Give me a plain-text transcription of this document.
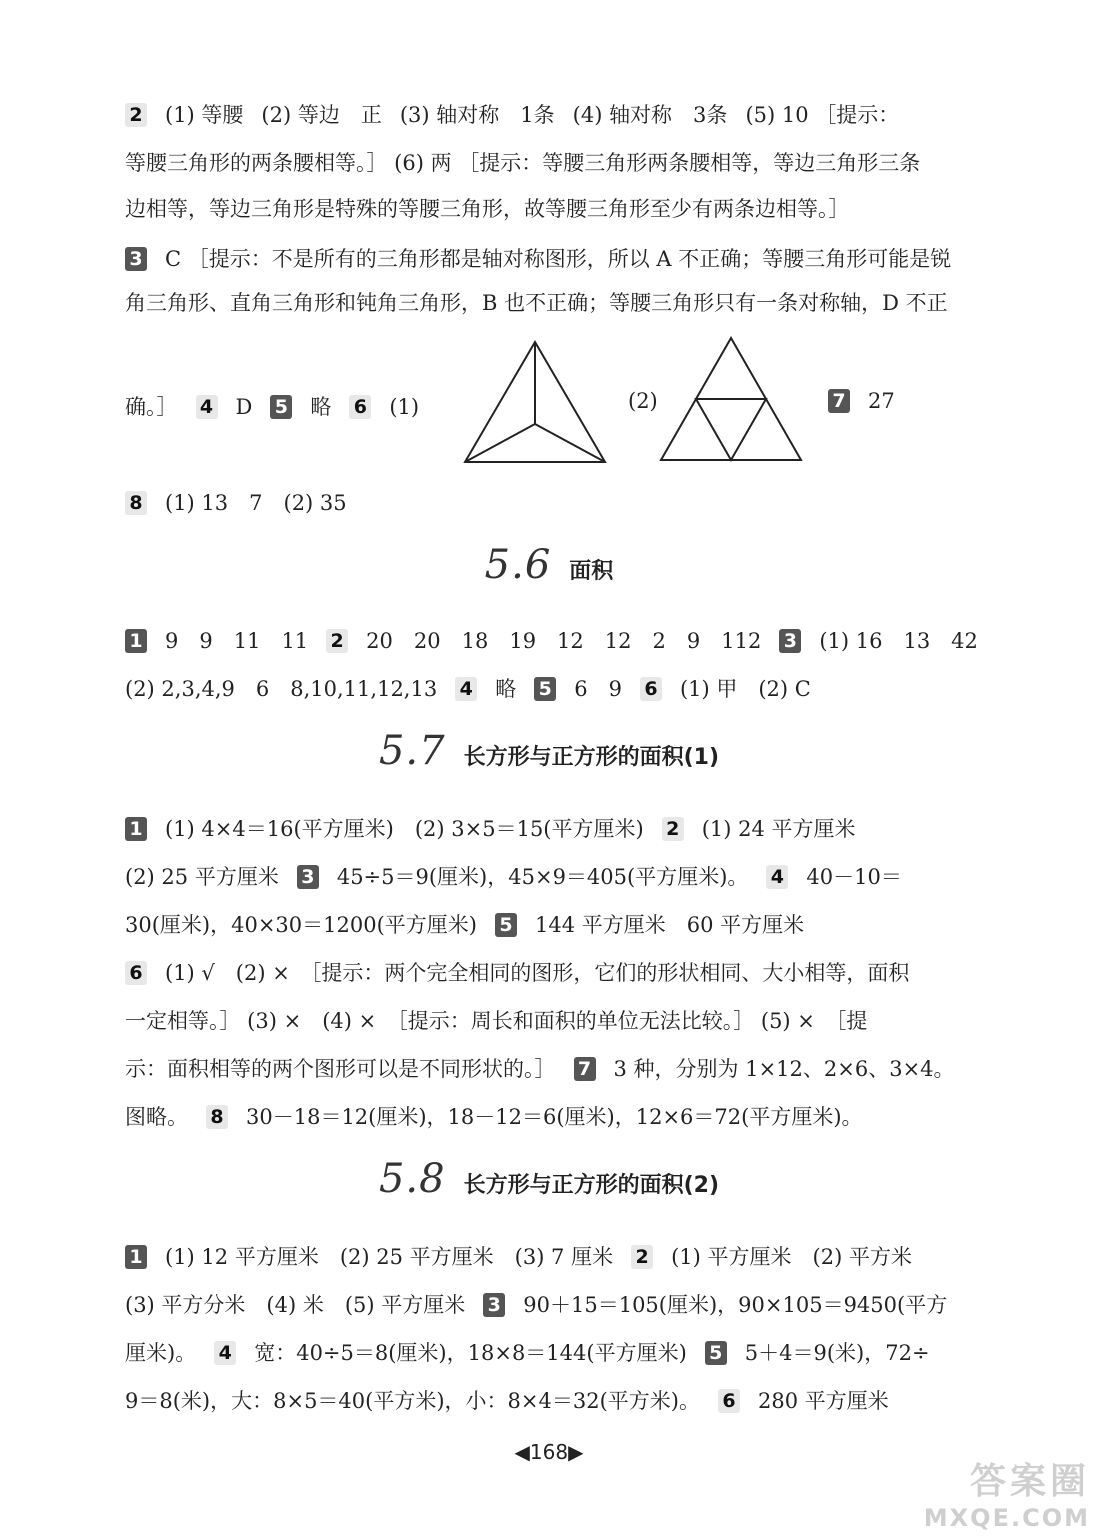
2 (1) 等腰 (2) 等边　正 (3) 轴对称　1条 (4) 轴对称　3条 (5) 10 ［提示：
等腰三角形的两条腰相等。］ (6) 两 ［提示：等腰三角形两条腰相等，等边三角形三条
边相等，等边三角形是特殊的等腰三角形，故等腰三角形至少有两条边相等。］
3 C ［提示：不是所有的三角形都是轴对称图形，所以 A 不正确；等腰三角形可能是锐
角三角形、直角三角形和钝角三角形，B 也不正确；等腰三角形只有一条对称轴，D 不正
确。］ 4 D 5 略 6 (1)	(2)	7 27
8 (1) 13　7　(2) 35
5.6 面积
1 9　9　11　11 2 20　20　18　19　12　12　2　9　112 3 (1) 16　13　42
(2) 2,3,4,9　6　8,10,11,12,13 4 略 5 6　9 6 (1) 甲　(2) C
5.7 长方形与正方形的面积(1)
1 (1) 4×4＝16(平方厘米)　(2) 3×5＝15(平方厘米) 2 (1) 24 平方厘米
(2) 25 平方厘米 3 45÷5＝9(厘米)，45×9＝405(平方厘米)。 4 40－10＝
30(厘米)，40×30＝1200(平方厘米) 5 144 平方厘米　60 平方厘米
6 (1) √　(2) ×　［提示：两个完全相同的图形，它们的形状相同、大小相等，面积
一定相等。］ (3) ×　(4) ×　［提示：周长和面积的单位无法比较。］ (5) ×　［提
示：面积相等的两个图形可以是不同形状的。］ 7 3 种，分别为 1×12、2×6、3×4。
图略。 8 30－18＝12(厘米)，18－12＝6(厘米)，12×6＝72(平方厘米)。
5.8 长方形与正方形的面积(2)
1 (1) 12 平方厘米　(2) 25 平方厘米　(3) 7 厘米 2 (1) 平方厘米　(2) 平方米
(3) 平方分米　(4) 米　(5) 平方厘米 3 90＋15＝105(厘米)，90×105＝9450(平方
厘米)。 4 宽：40÷5＝8(厘米)，18×8＝144(平方厘米) 5 5＋4＝9(米)，72÷
9＝8(米)，大：8×5＝40(平方米)，小：8×4＝32(平方米)。 6 280 平方厘米
◀168▶
答案圈
MXQE.COM
